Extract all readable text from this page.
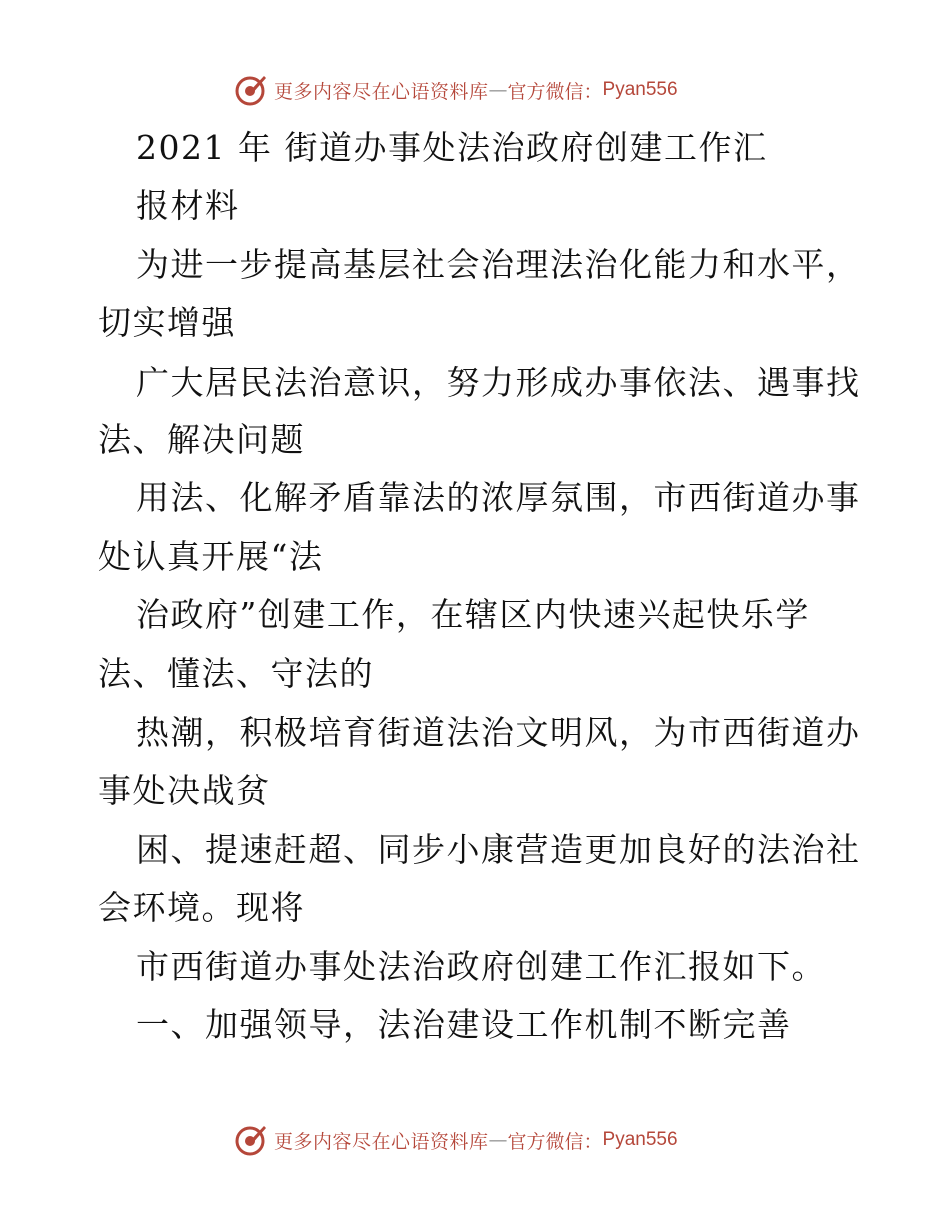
更多内容尽在心语资料库 — 官方微信： Pyan556
2021 年 街道办事处法治政府创建工作汇
报材料
为进一步提高基层社会治理法治化能力和水平，
切实增强
广大居民法治意识，努力形成办事依法、遇事找
法、解决问题
用法、化解矛盾靠法的浓厚氛围，市西街道办事
处认真开展“法
治政府”创建工作，在辖区内快速兴起快乐学
法、懂法、守法的
热潮，积极培育街道法治文明风，为市西街道办
事处决战贫
困、提速赶超、同步小康营造更加良好的法治社
会环境。现将
市西街道办事处法治政府创建工作汇报如下。
一、加强领导，法治建设工作机制不断完善
更多内容尽在心语资料库 — 官方微信： Pyan556
